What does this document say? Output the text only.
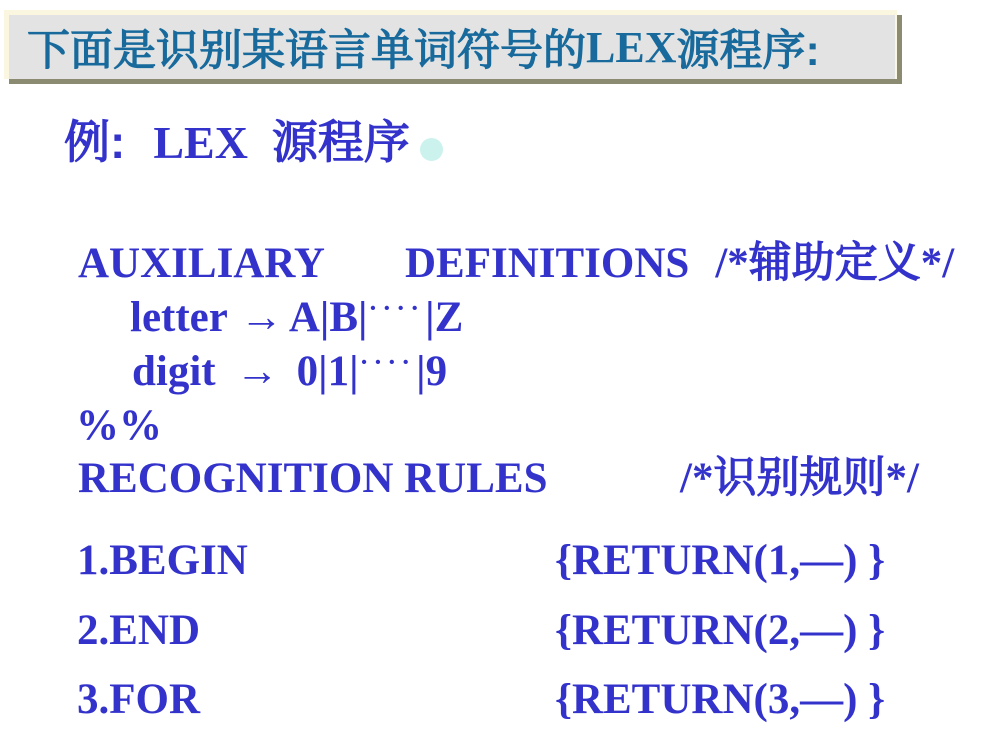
下面是识别某语言单词符号的 LEX 源程序:
例: LEX 源程序
AUXILIARY DEFINITIONS /*辅助定义*/
letter → A|B|····|Z
digit → 0|1|····|9
%%
RECOGNITION RULES	/*识别规则*/
1.BEGIN	{RETURN(1,—) }
2.END	{RETURN(2,—) }
3.FOR	{RETURN(3,—) }
